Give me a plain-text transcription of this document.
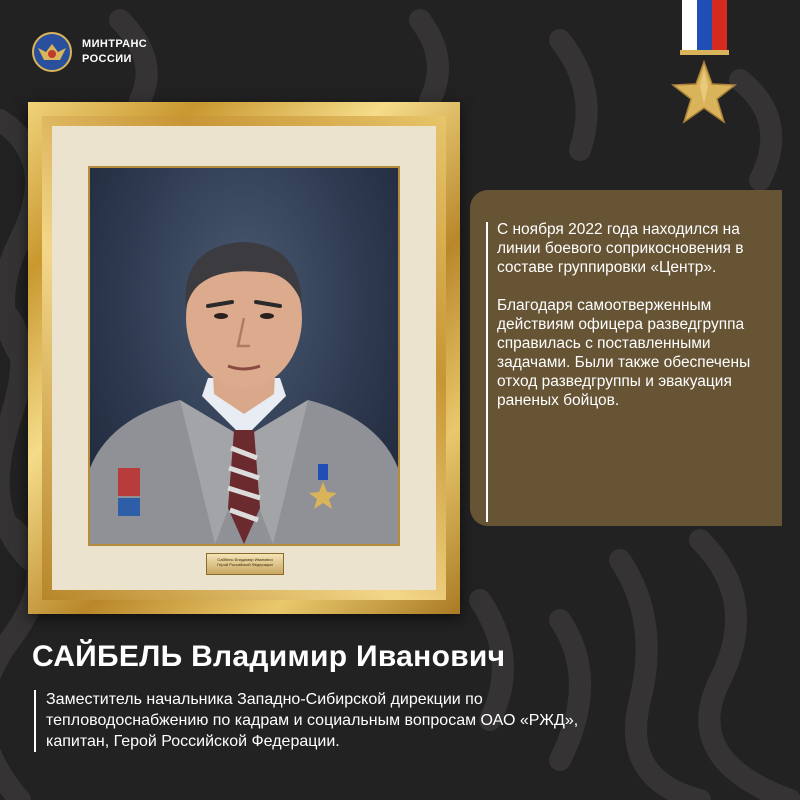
МИНТРАНС
РОССИИ
Сайбель Владимир Иванович
Герой Российской Федерации

С ноября 2022 года находился на линии боевого соприкосновения в составе группировки «Центр».

Благодаря самоотверженным действиям офицера разведгруппа справилась с поставленными задачами. Были также обеспечены отход разведгруппы и эвакуация раненых бойцов.

САЙБЕЛЬ Владимир Иванович
Заместитель начальника Западно-Сибирской дирекции по тепловодоснабжению по кадрам и социальным вопросам ОАО «РЖД», капитан, Герой Российской Федерации.
